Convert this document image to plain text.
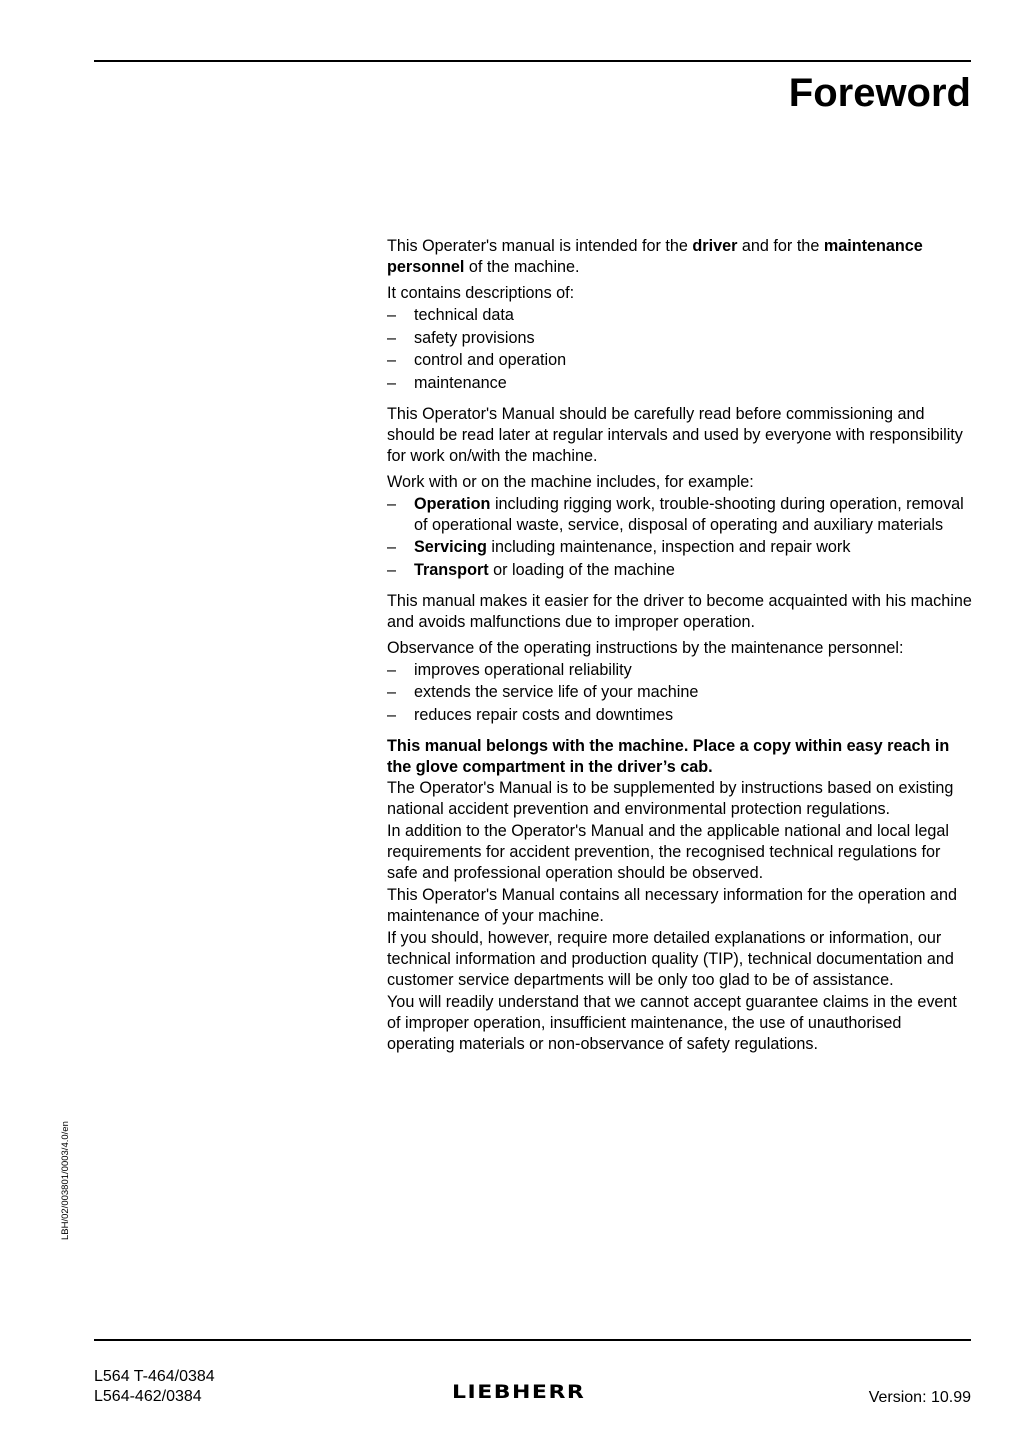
Foreword

This Operater's manual is intended for the driver and for the maintenance personnel of the machine.

It contains descriptions of:

– technical data
– safety provisions
– control and operation
– maintenance

This Operator's Manual should be carefully read before commissioning and should be read later at regular intervals and used by everyone with responsibility for work on/with the machine.

Work with or on the machine includes, for example:

– Operation including rigging work, trouble-shooting during operation, removal of operational waste, service, disposal of operating and auxiliary materials
– Servicing including maintenance, inspection and repair work
– Transport or loading of the machine

This manual makes it easier for the driver to become acquainted with his machine and avoids malfunctions due to improper operation.

Observance of the operating instructions by the maintenance personnel:

– improves operational reliability
– extends the service life of your machine
– reduces repair costs and downtimes

This manual belongs with the machine. Place a copy within easy reach in the glove compartment in the driver’s cab.

The Operator's Manual is to be supplemented by instructions based on existing national accident prevention and environmental protection regulations.

In addition to the Operator's Manual and the applicable national and local legal requirements for accident prevention, the recognised technical regulations for safe and professional operation should be observed.

This Operator's Manual contains all necessary information for the operation and maintenance of your machine.

If you should, however, require more detailed explanations or information, our technical information and production quality (TIP), technical documentation and customer service departments will be only too glad to be of assistance.

You will readily understand that we cannot accept guarantee claims in the event of improper operation, insufficient maintenance, the use of unauthorised operating materials or non-observance of safety regulations.

LBH/02/003801/0003/4.0/en
L564 T-464/0384
L564-462/0384	LIEBHERR	Version: 10.99
